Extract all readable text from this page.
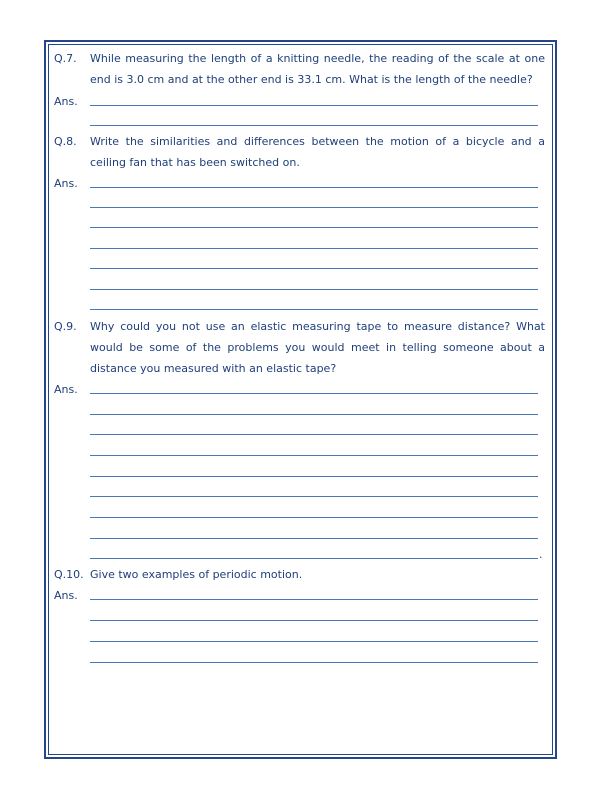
Q.7.	While measuring the length of a knitting needle, the reading of the scale at one end is 3.0 cm and at the other end is 33.1 cm. What is the length of the needle?
Ans.
Q.8.	Write the similarities and differences between the motion of a bicycle and a ceiling fan that has been switched on.
Ans.
Q.9.	Why could you not use an elastic measuring tape to measure distance? What would be some of the problems you would meet in telling someone about a distance you measured with an elastic tape?
Ans.
.
Q.10. Give two examples of periodic motion.
Ans.
